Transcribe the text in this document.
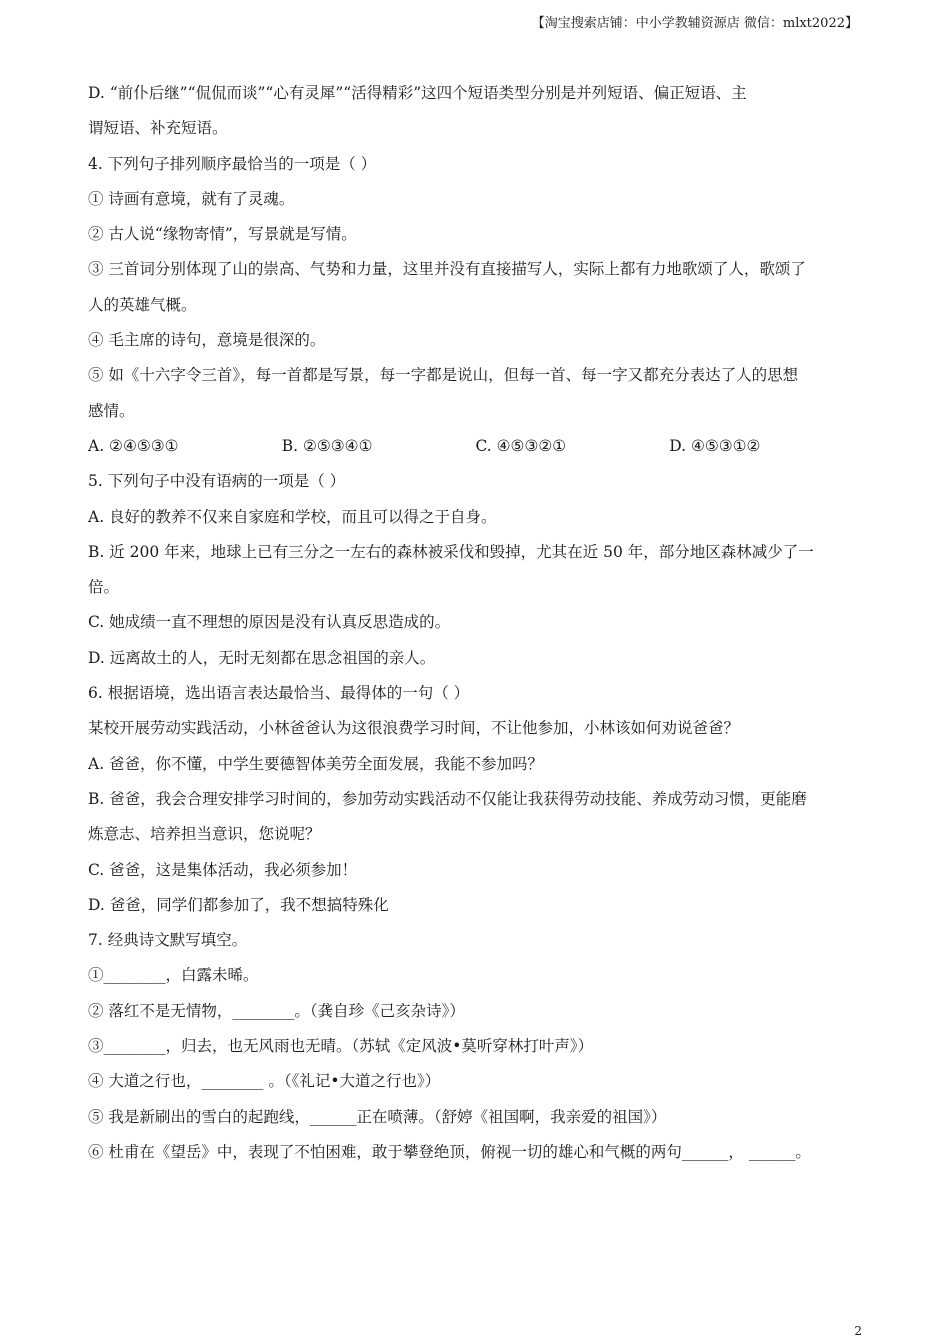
【淘宝搜索店铺：中小学教辅资源店 微信：mlxt2022】
D. “前仆后继”“侃侃而谈”“心有灵犀”“活得精彩”这四个短语类型分别是并列短语、偏正短语、主
谓短语、补充短语。
4. 下列句子排列顺序最恰当的一项是（ ）
① 诗画有意境，就有了灵魂。
② 古人说“缘物寄情”，写景就是写情。
③ 三首词分别体现了山的崇高、气势和力量，这里并没有直接描写人，实际上都有力地歌颂了人，歌颂了
人的英雄气概。
④ 毛主席的诗句，意境是很深的。
⑤ 如《十六字令三首》，每一首都是写景，每一字都是说山，但每一首、每一字又都充分表达了人的思想
感情。
A. ②④⑤③①	B. ②⑤③④①	C. ④⑤③②①	D. ④⑤③①②
5. 下列句子中没有语病的一项是（ ）
A. 良好的教养不仅来自家庭和学校，而且可以得之于自身。
B. 近 200 年来，地球上已有三分之一左右的森林被采伐和毁掉，尤其在近 50 年，部分地区森林减少了一
倍。
C. 她成绩一直不理想的原因是没有认真反思造成的。
D. 远离故土的人，无时无刻都在思念祖国的亲人。
6. 根据语境，选出语言表达最恰当、最得体的一句（ ）
某校开展劳动实践活动，小林爸爸认为这很浪费学习时间，不让他参加，小林该如何劝说爸爸？
A. 爸爸，你不懂，中学生要德智体美劳全面发展，我能不参加吗？
B. 爸爸，我会合理安排学习时间的，参加劳动实践活动不仅能让我获得劳动技能、养成劳动习惯，更能磨
炼意志、培养担当意识，您说呢？
C. 爸爸，这是集体活动，我必须参加！
D. 爸爸，同学们都参加了，我不想搞特殊化
7. 经典诗文默写填空。
①________，白露未晞。
② 落红不是无情物，________。（龚自珍《己亥杂诗》）
③________，归去，也无风雨也无晴。（苏轼《定风波•莫听穿林打叶声》）
④ 大道之行也，________ 。（《礼记•大道之行也》）
⑤ 我是新刷出的雪白的起跑线，______正在喷薄。（舒婷《祖国啊，我亲爱的祖国》）
⑥ 杜甫在《望岳》中，表现了不怕困难，敢于攀登绝顶，俯视一切的雄心和气概的两句______， ______。
2
